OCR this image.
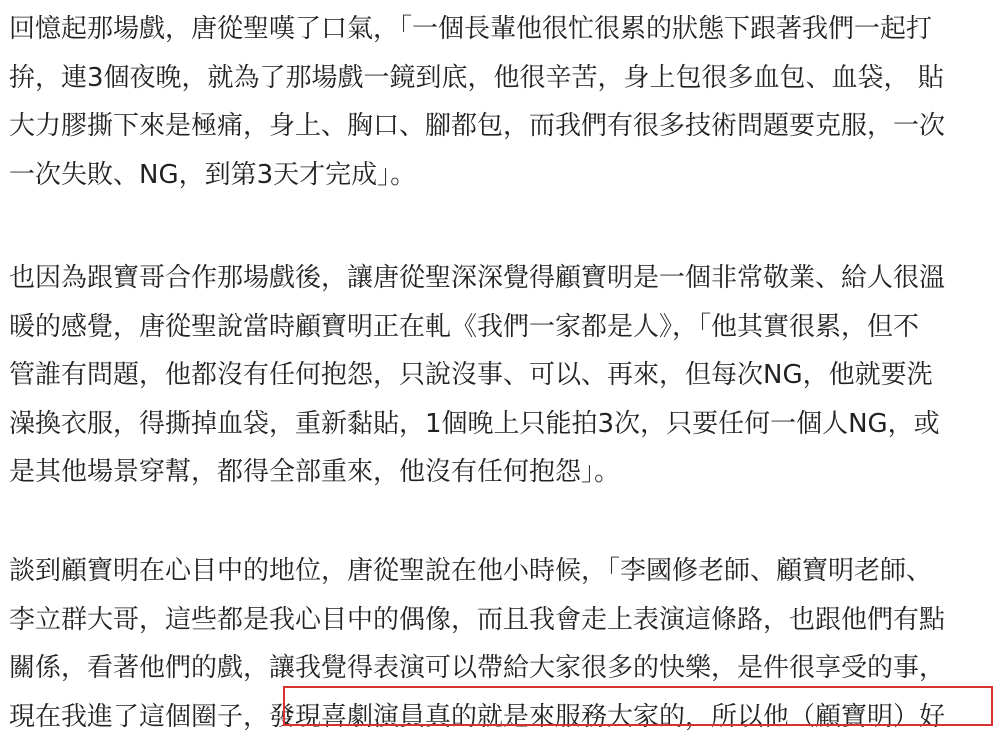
回憶起那場戲，唐從聖嘆了口氣，「一個長輩他很忙很累的狀態下跟著我們一起打
拚，連3個夜晚，就為了那場戲一鏡到底，他很辛苦，身上包很多血包、血袋， 貼
大力膠撕下來是極痛，身上、胸口、腳都包，而我們有很多技術問題要克服，一次
一次失敗、NG，到第3天才完成」。

也因為跟寶哥合作那場戲後，讓唐從聖深深覺得顧寶明是一個非常敬業、給人很溫
暖的感覺，唐從聖說當時顧寶明正在軋《我們一家都是人》，「他其實很累，但不
管誰有問題，他都沒有任何抱怨，只說沒事、可以、再來，但每次NG，他就要洗
澡換衣服，得撕掉血袋，重新黏貼，1個晚上只能拍3次，只要任何一個人NG，或
是其他場景穿幫，都得全部重來，他沒有任何抱怨」。

談到顧寶明在心目中的地位，唐從聖說在他小時候，「李國修老師、顧寶明老師、
李立群大哥，這些都是我心目中的偶像，而且我會走上表演這條路，也跟他們有點
關係，看著他們的戲，讓我覺得表演可以帶給大家很多的快樂，是件很享受的事，
現在我進了這個圈子，發現喜劇演員真的就是來服務大家的，所以他（顧寶明）好
